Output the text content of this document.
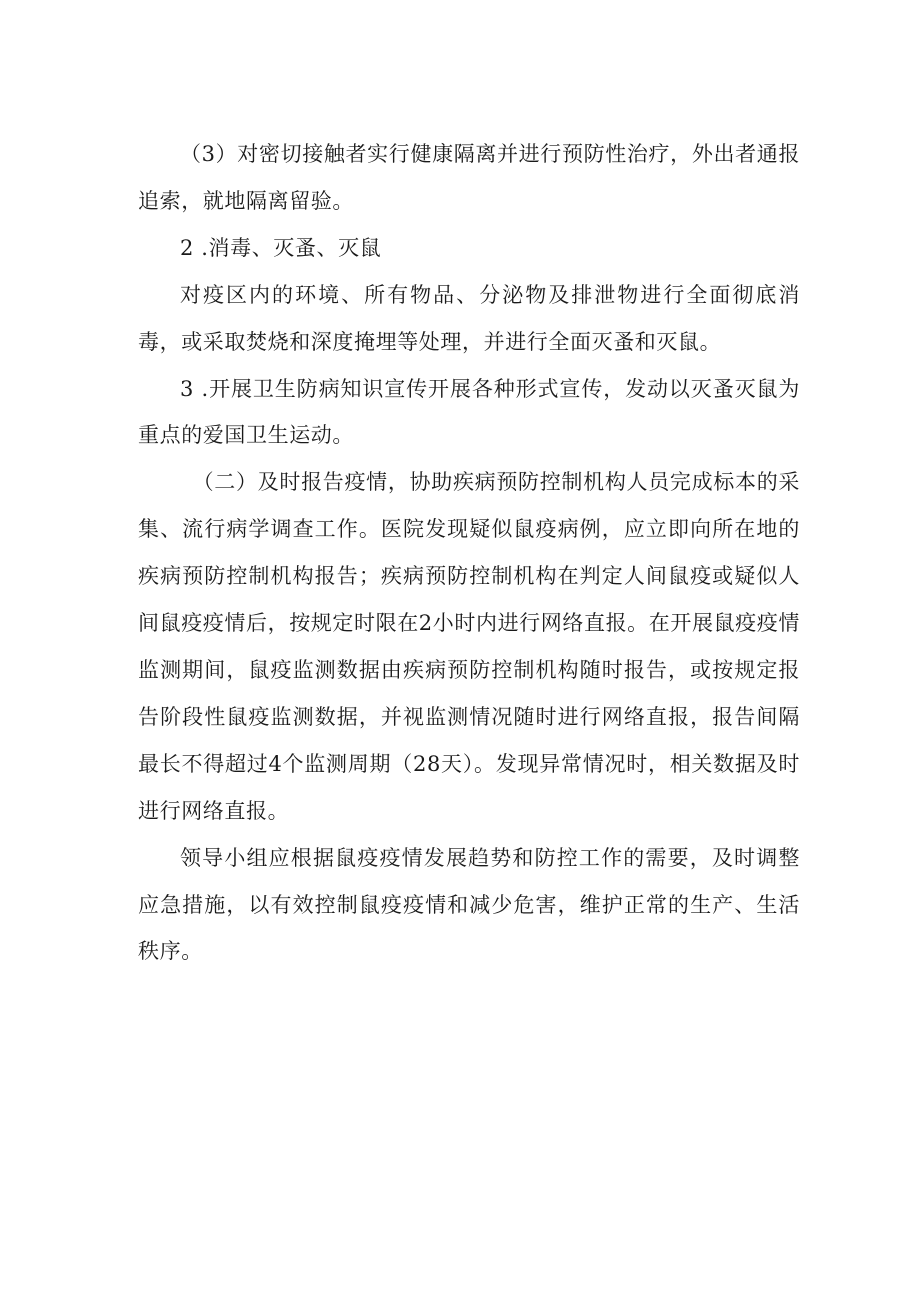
（3）对密切接触者实行健康隔离并进行预防性治疗，外出者通报追索，就地隔离留验。

2 .消毒、灭蚤、灭鼠

对疫区内的环境、所有物品、分泌物及排泄物进行全面彻底消毒，或采取焚烧和深度掩埋等处理，并进行全面灭蚤和灭鼠。

3 .开展卫生防病知识宣传开展各种形式宣传，发动以灭蚤灭鼠为重点的爱国卫生运动。

（二）及时报告疫情，协助疾病预防控制机构人员完成标本的采集、流行病学调查工作。医院发现疑似鼠疫病例，应立即向所在地的疾病预防控制机构报告；疾病预防控制机构在判定人间鼠疫或疑似人间鼠疫疫情后，按规定时限在2小时内进行网络直报。在开展鼠疫疫情监测期间，鼠疫监测数据由疾病预防控制机构随时报告，或按规定报告阶段性鼠疫监测数据，并视监测情况随时进行网络直报，报告间隔最长不得超过4个监测周期（28天）。发现异常情况时，相关数据及时进行网络直报。

领导小组应根据鼠疫疫情发展趋势和防控工作的需要，及时调整应急措施，以有效控制鼠疫疫情和减少危害，维护正常的生产、生活秩序。
